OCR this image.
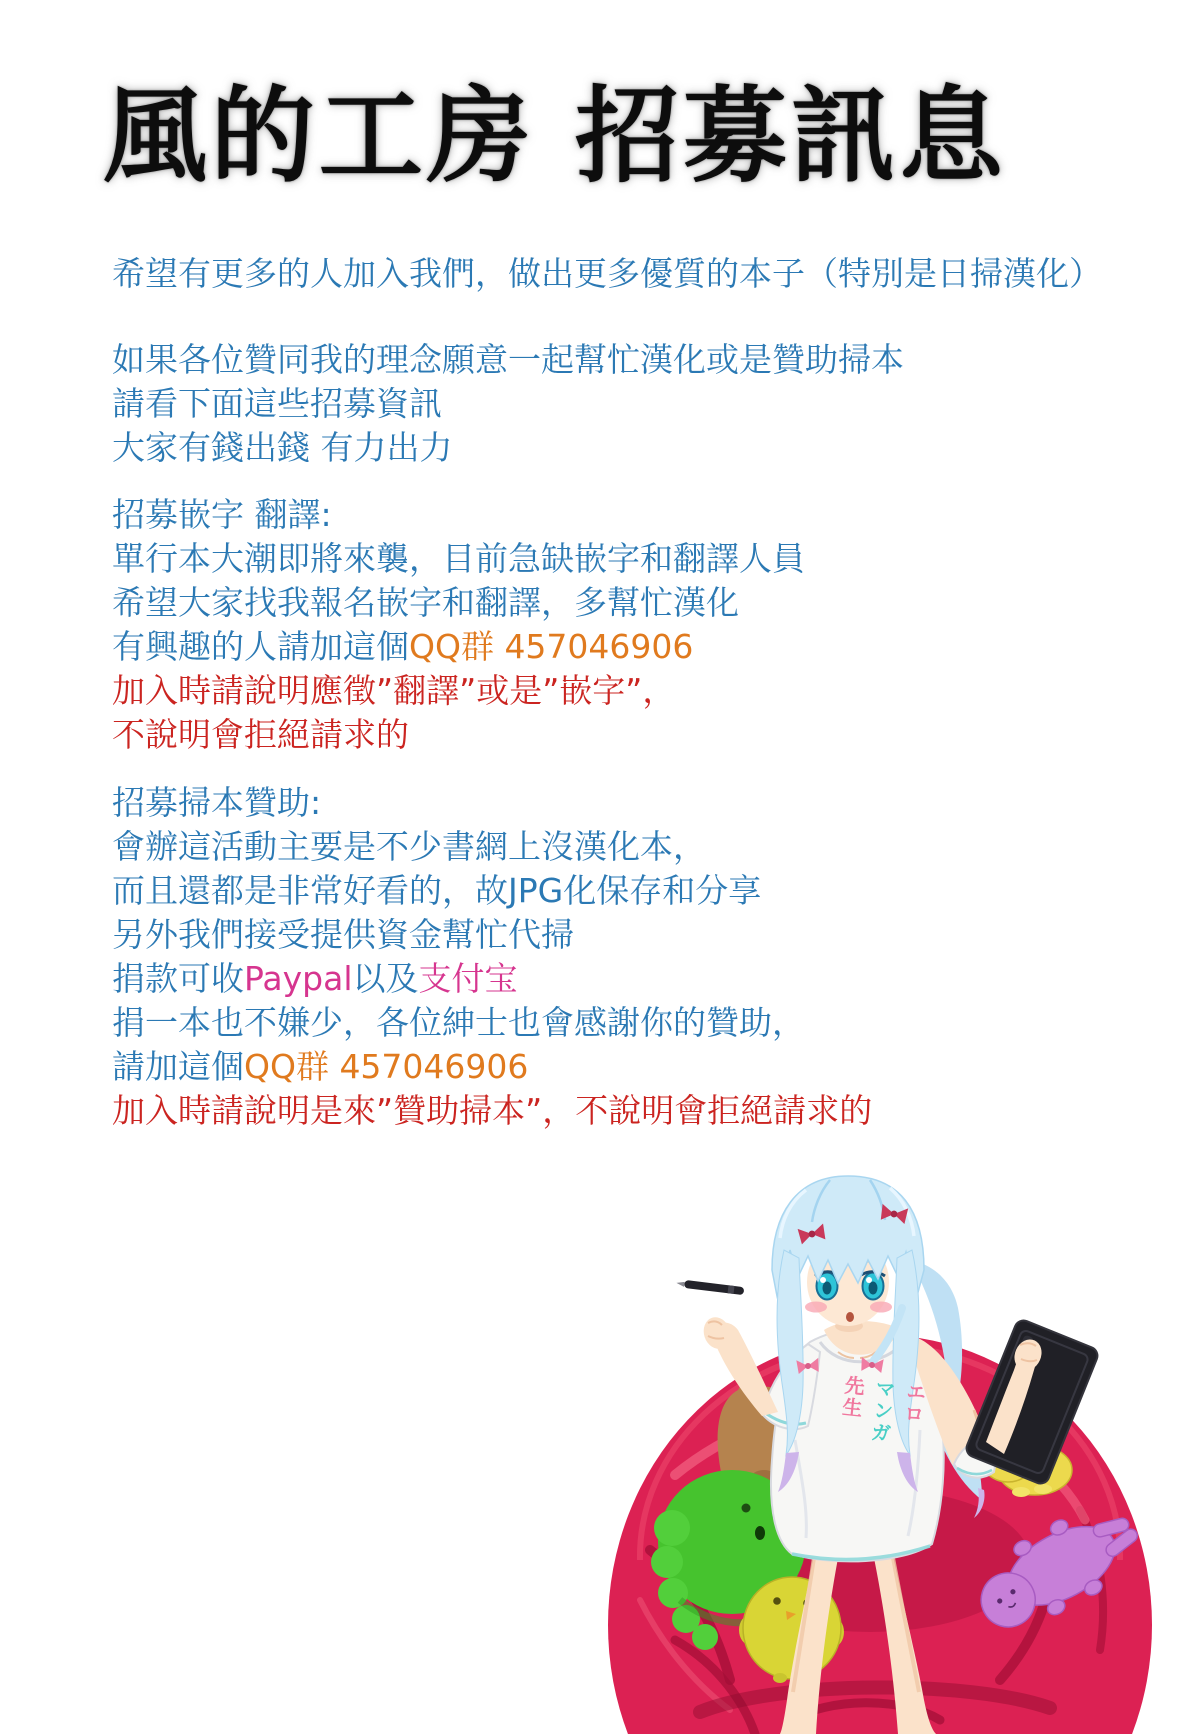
風的工房 招募訊息
希望有更多的人加入我們，做出更多優質的本子（特別是日掃漢化）
如果各位贊同我的理念願意一起幫忙漢化或是贊助掃本
請看下面這些招募資訊
大家有錢出錢 有力出力
招募嵌字 翻譯:
單行本大潮即將來襲，目前急缺嵌字和翻譯人員
希望大家找我報名嵌字和翻譯，多幫忙漢化
有興趣的人請加這個QQ群 457046906
加入時請說明應徵”翻譯”或是”嵌字”，
不說明會拒絕請求的
招募掃本贊助:
會辦這活動主要是不少書網上沒漢化本，
而且還都是非常好看的，故JPG化保存和分享
另外我們接受提供資金幫忙代掃
捐款可收Paypal以及支付宝
捐一本也不嫌少，各位紳士也會感謝你的贊助，
請加這個QQ群 457046906
加入時請說明是來”贊助掃本”，不說明會拒絕請求的
エロ
マンガ
先生
